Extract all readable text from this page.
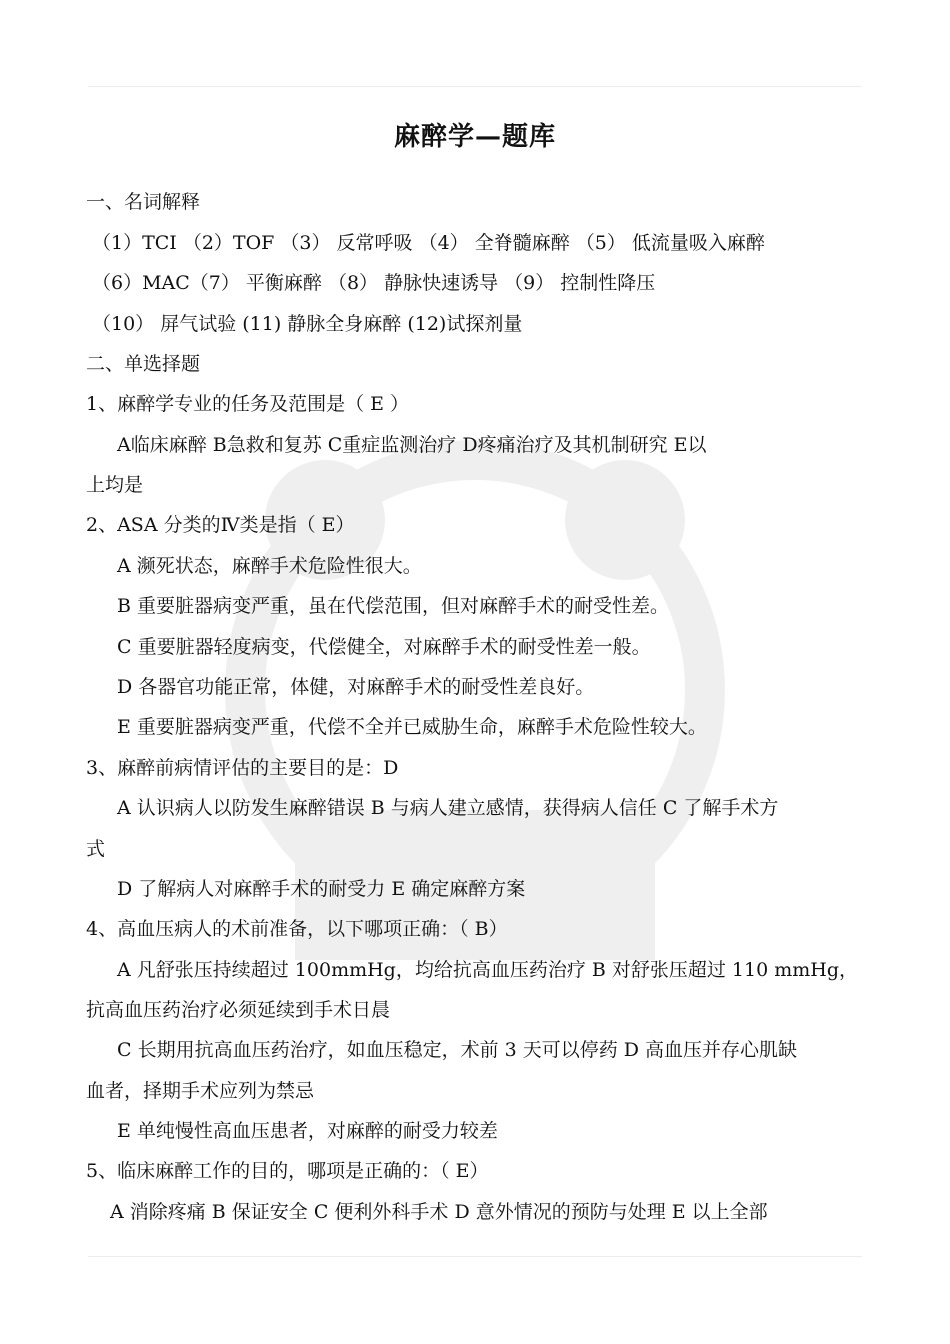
麻醉学—题库
一、名词解释
（1）TCI （2）TOF （3） 反常呼吸 （4） 全脊髓麻醉 （5） 低流量吸入麻醉
（6）MAC（7） 平衡麻醉 （8） 静脉快速诱导 （9） 控制性降压
（10） 屏气试验 (11) 静脉全身麻醉 (12)试探剂量
二、单选择题
1、麻醉学专业的任务及范围是（ E ）
A临床麻醉 B急救和复苏 C重症监测治疗 D疼痛治疗及其机制研究 E以
上均是
2、ASA 分类的Ⅳ类是指（ E）
A 濒死状态，麻醉手术危险性很大。
B 重要脏器病变严重，虽在代偿范围，但对麻醉手术的耐受性差。
C 重要脏器轻度病变，代偿健全，对麻醉手术的耐受性差一般。
D 各器官功能正常，体健，对麻醉手术的耐受性差良好。
E 重要脏器病变严重，代偿不全并已威胁生命，麻醉手术危险性较大。
3、麻醉前病情评估的主要目的是：D
A 认识病人以防发生麻醉错误 B 与病人建立感情，获得病人信任 C 了解手术方
式
D 了解病人对麻醉手术的耐受力 E 确定麻醉方案
4、高血压病人的术前准备，以下哪项正确：（ B）
A 凡舒张压持续超过 100mmHg，均给抗高血压药治疗 B 对舒张压超过 110 mmHg，
抗高血压药治疗必须延续到手术日晨
C 长期用抗高血压药治疗，如血压稳定，术前 3 天可以停药 D 高血压并存心肌缺
血者，择期手术应列为禁忌
E 单纯慢性高血压患者，对麻醉的耐受力较差
5、临床麻醉工作的目的，哪项是正确的：（ E）
A 消除疼痛 B 保证安全 C 便利外科手术 D 意外情况的预防与处理 E 以上全部
